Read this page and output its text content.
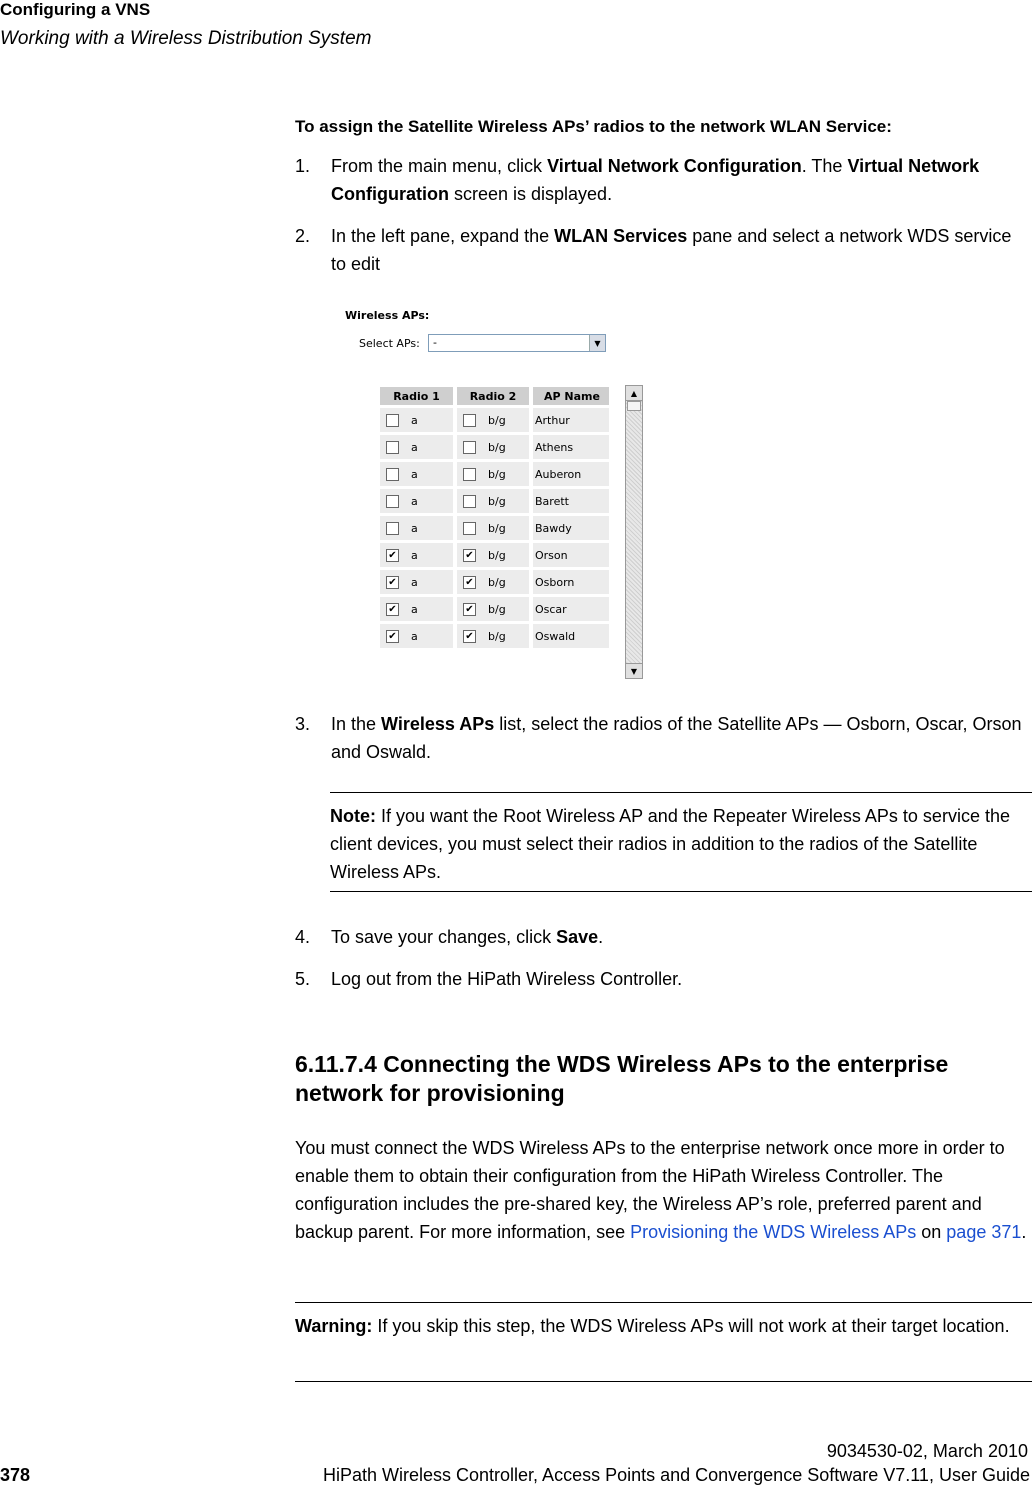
Configuring a VNS
Working with a Wireless Distribution System
To assign the Satellite Wireless APs’ radios to the network WLAN Service:
1. From the main menu, click Virtual Network Configuration. The Virtual Network Configuration screen is displayed.
2. In the left pane, expand the WLAN Services pane and select a network WDS service to edit
Wireless APs:
Select APs: -	▼
Radio 1	Radio 2	AP Name
a	b/g	Arthur
a	b/g	Athens
a	b/g	Auberon
a	b/g	Barett
a	b/g	Bawdy
✔ a	✔ b/g	Orson
✔ a	✔ b/g	Osborn
✔ a	✔ b/g	Oscar
✔ a	✔ b/g	Oswald
▲
▼
3. In the Wireless APs list, select the radios of the Satellite APs — Osborn, Oscar, Orson and Oswald.
Note: If you want the Root Wireless AP and the Repeater Wireless APs to service the client devices, you must select their radios in addition to the radios of the Satellite Wireless APs.
4. To save your changes, click Save.
5. Log out from the HiPath Wireless Controller.
6.11.7.4 Connecting the WDS Wireless APs to the enterprise network for provisioning
You must connect the WDS Wireless APs to the enterprise network once more in order to enable them to obtain their configuration from the HiPath Wireless Controller. The configuration includes the pre-shared key, the Wireless AP’s role, preferred parent and backup parent. For more information, see Provisioning the WDS Wireless APs on page 371.
Warning: If you skip this step, the WDS Wireless APs will not work at their target location.
9034530-02, March 2010
378	HiPath Wireless Controller, Access Points and Convergence Software V7.11, User Guide
